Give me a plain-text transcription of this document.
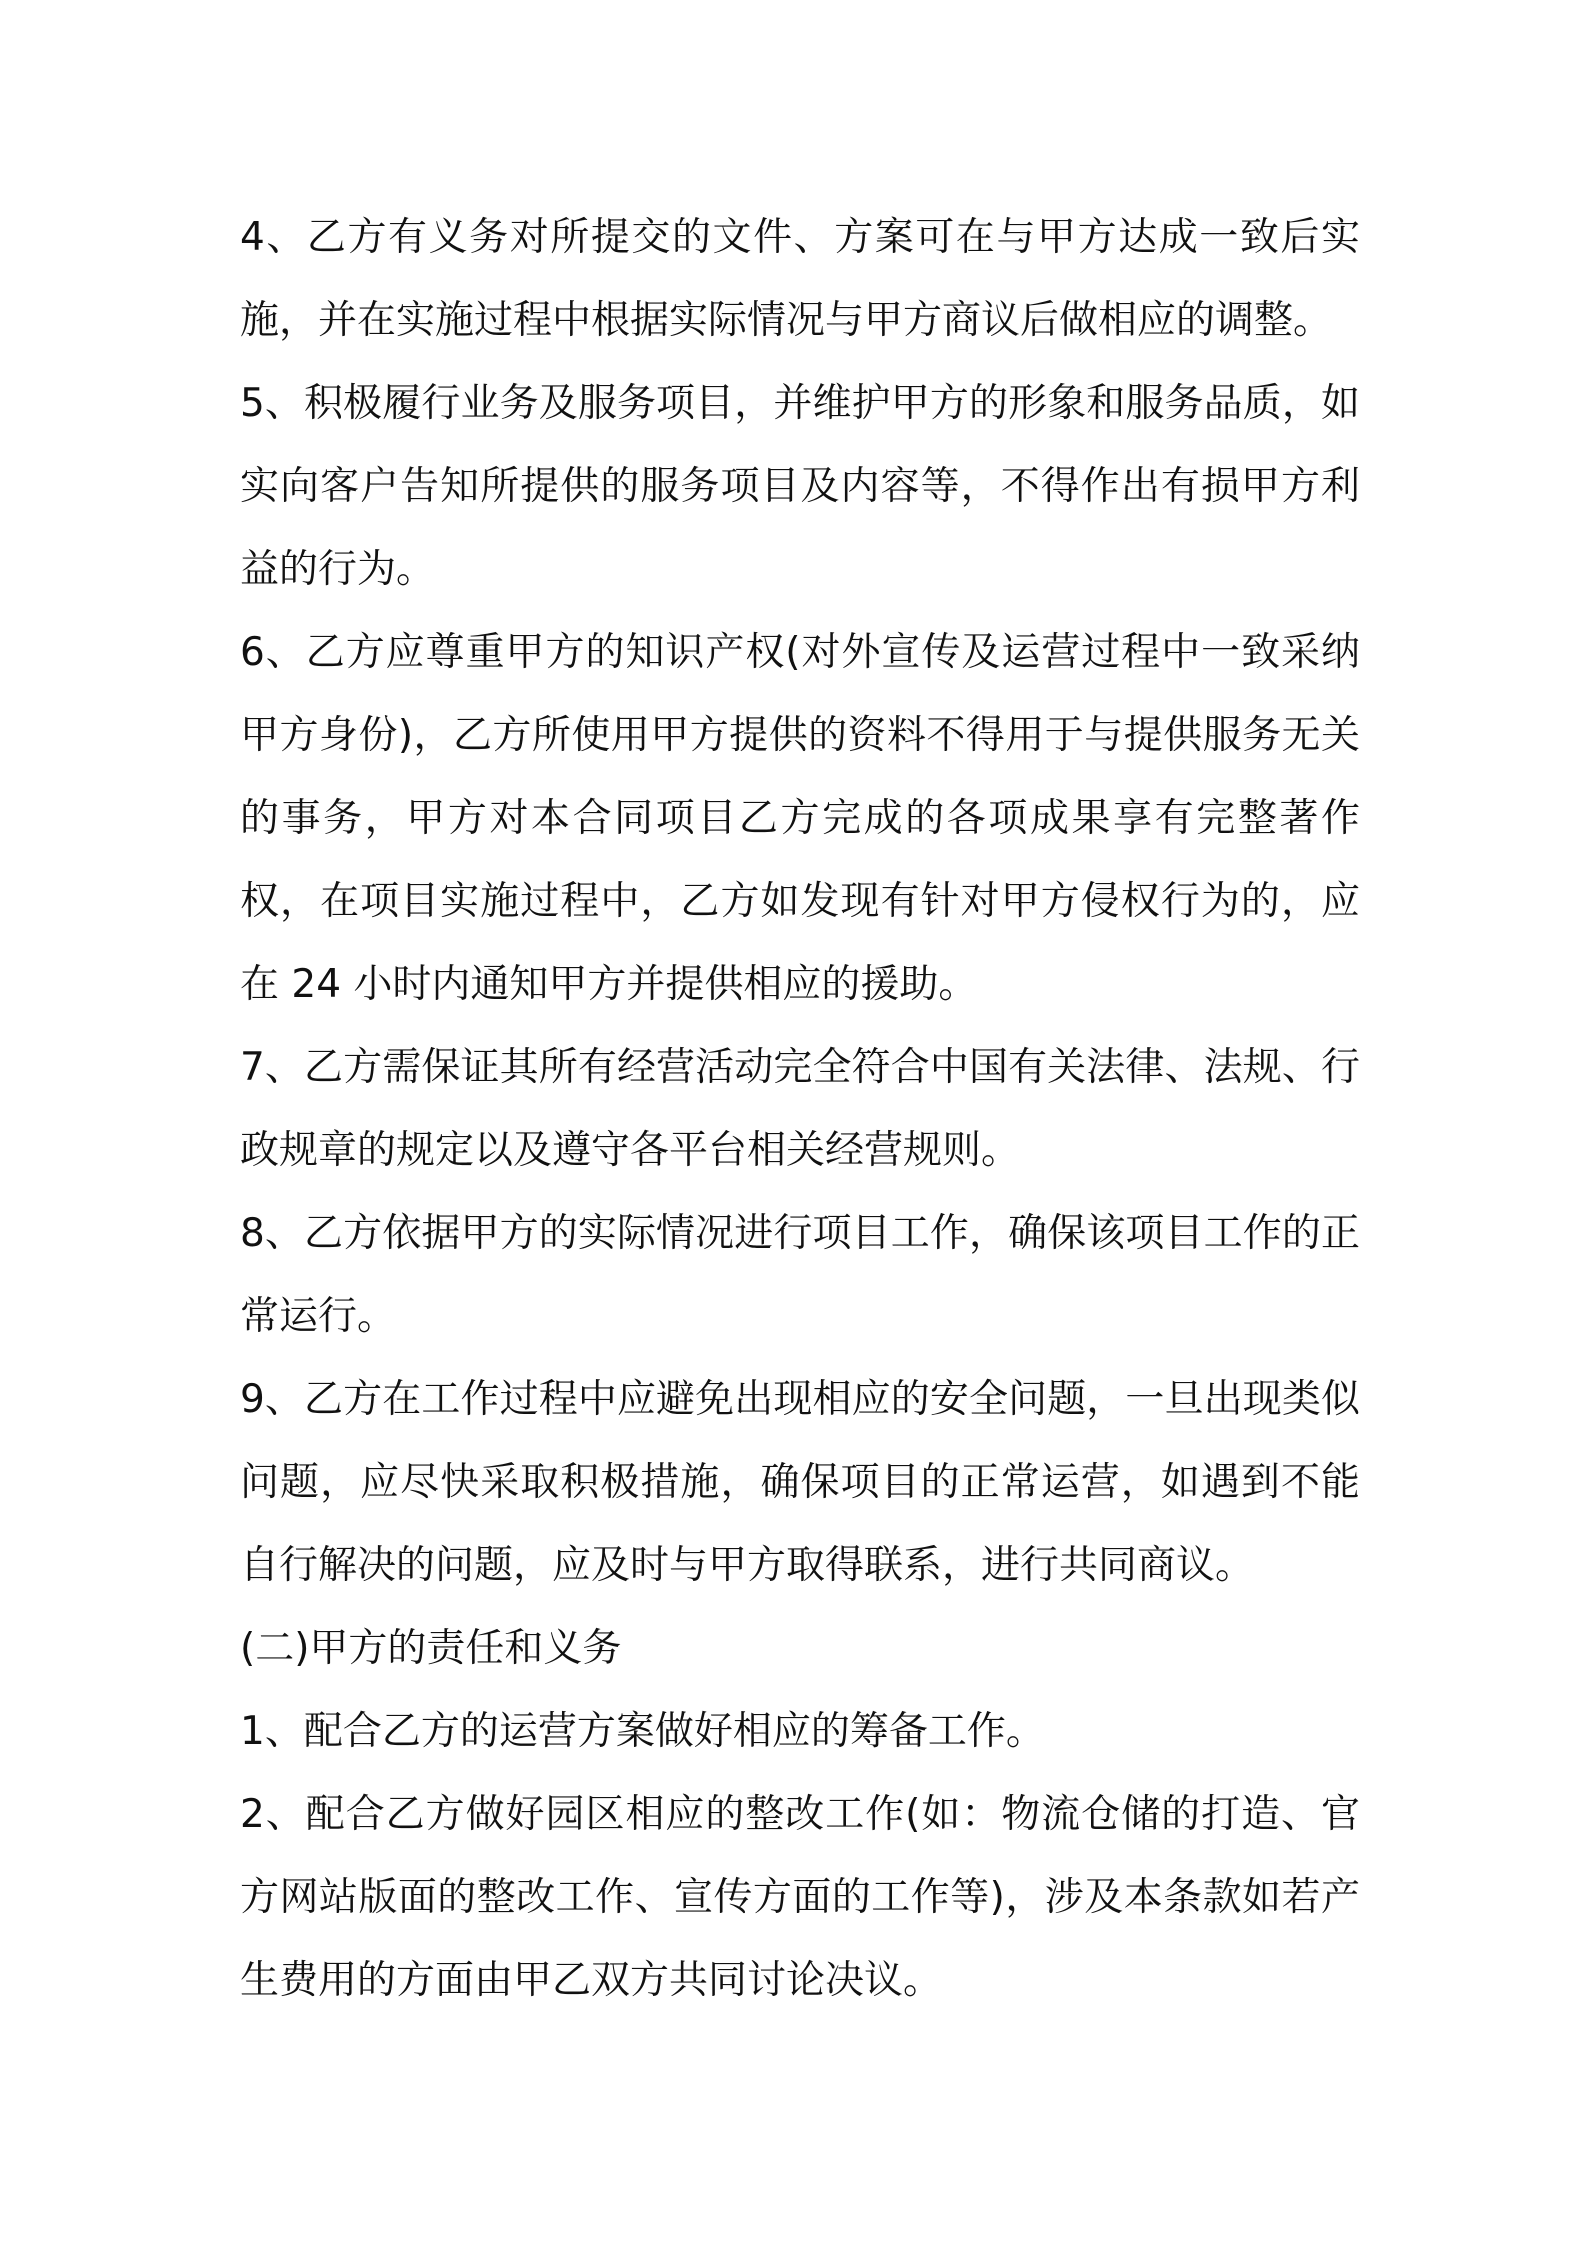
4、乙方有义务对所提交的文件、方案可在与甲方达成一致后实施，并在实施过程中根据实际情况与甲方商议后做相应的调整。

5、积极履行业务及服务项目，并维护甲方的形象和服务品质，如实向客户告知所提供的服务项目及内容等，不得作出有损甲方利益的行为。

6、乙方应尊重甲方的知识产权(对外宣传及运营过程中一致采纳甲方身份)，乙方所使用甲方提供的资料不得用于与提供服务无关的事务，甲方对本合同项目乙方完成的各项成果享有完整著作权，在项目实施过程中，乙方如发现有针对甲方侵权行为的，应在 24 小时内通知甲方并提供相应的援助。

7、乙方需保证其所有经营活动完全符合中国有关法律、法规、行政规章的规定以及遵守各平台相关经营规则。

8、乙方依据甲方的实际情况进行项目工作，确保该项目工作的正常运行。

9、乙方在工作过程中应避免出现相应的安全问题，一旦出现类似问题，应尽快采取积极措施，确保项目的正常运营，如遇到不能自行解决的问题，应及时与甲方取得联系，进行共同商议。

(二)甲方的责任和义务

1、配合乙方的运营方案做好相应的筹备工作。

2、配合乙方做好园区相应的整改工作(如：物流仓储的打造、官方网站版面的整改工作、宣传方面的工作等)，涉及本条款如若产生费用的方面由甲乙双方共同讨论决议。
